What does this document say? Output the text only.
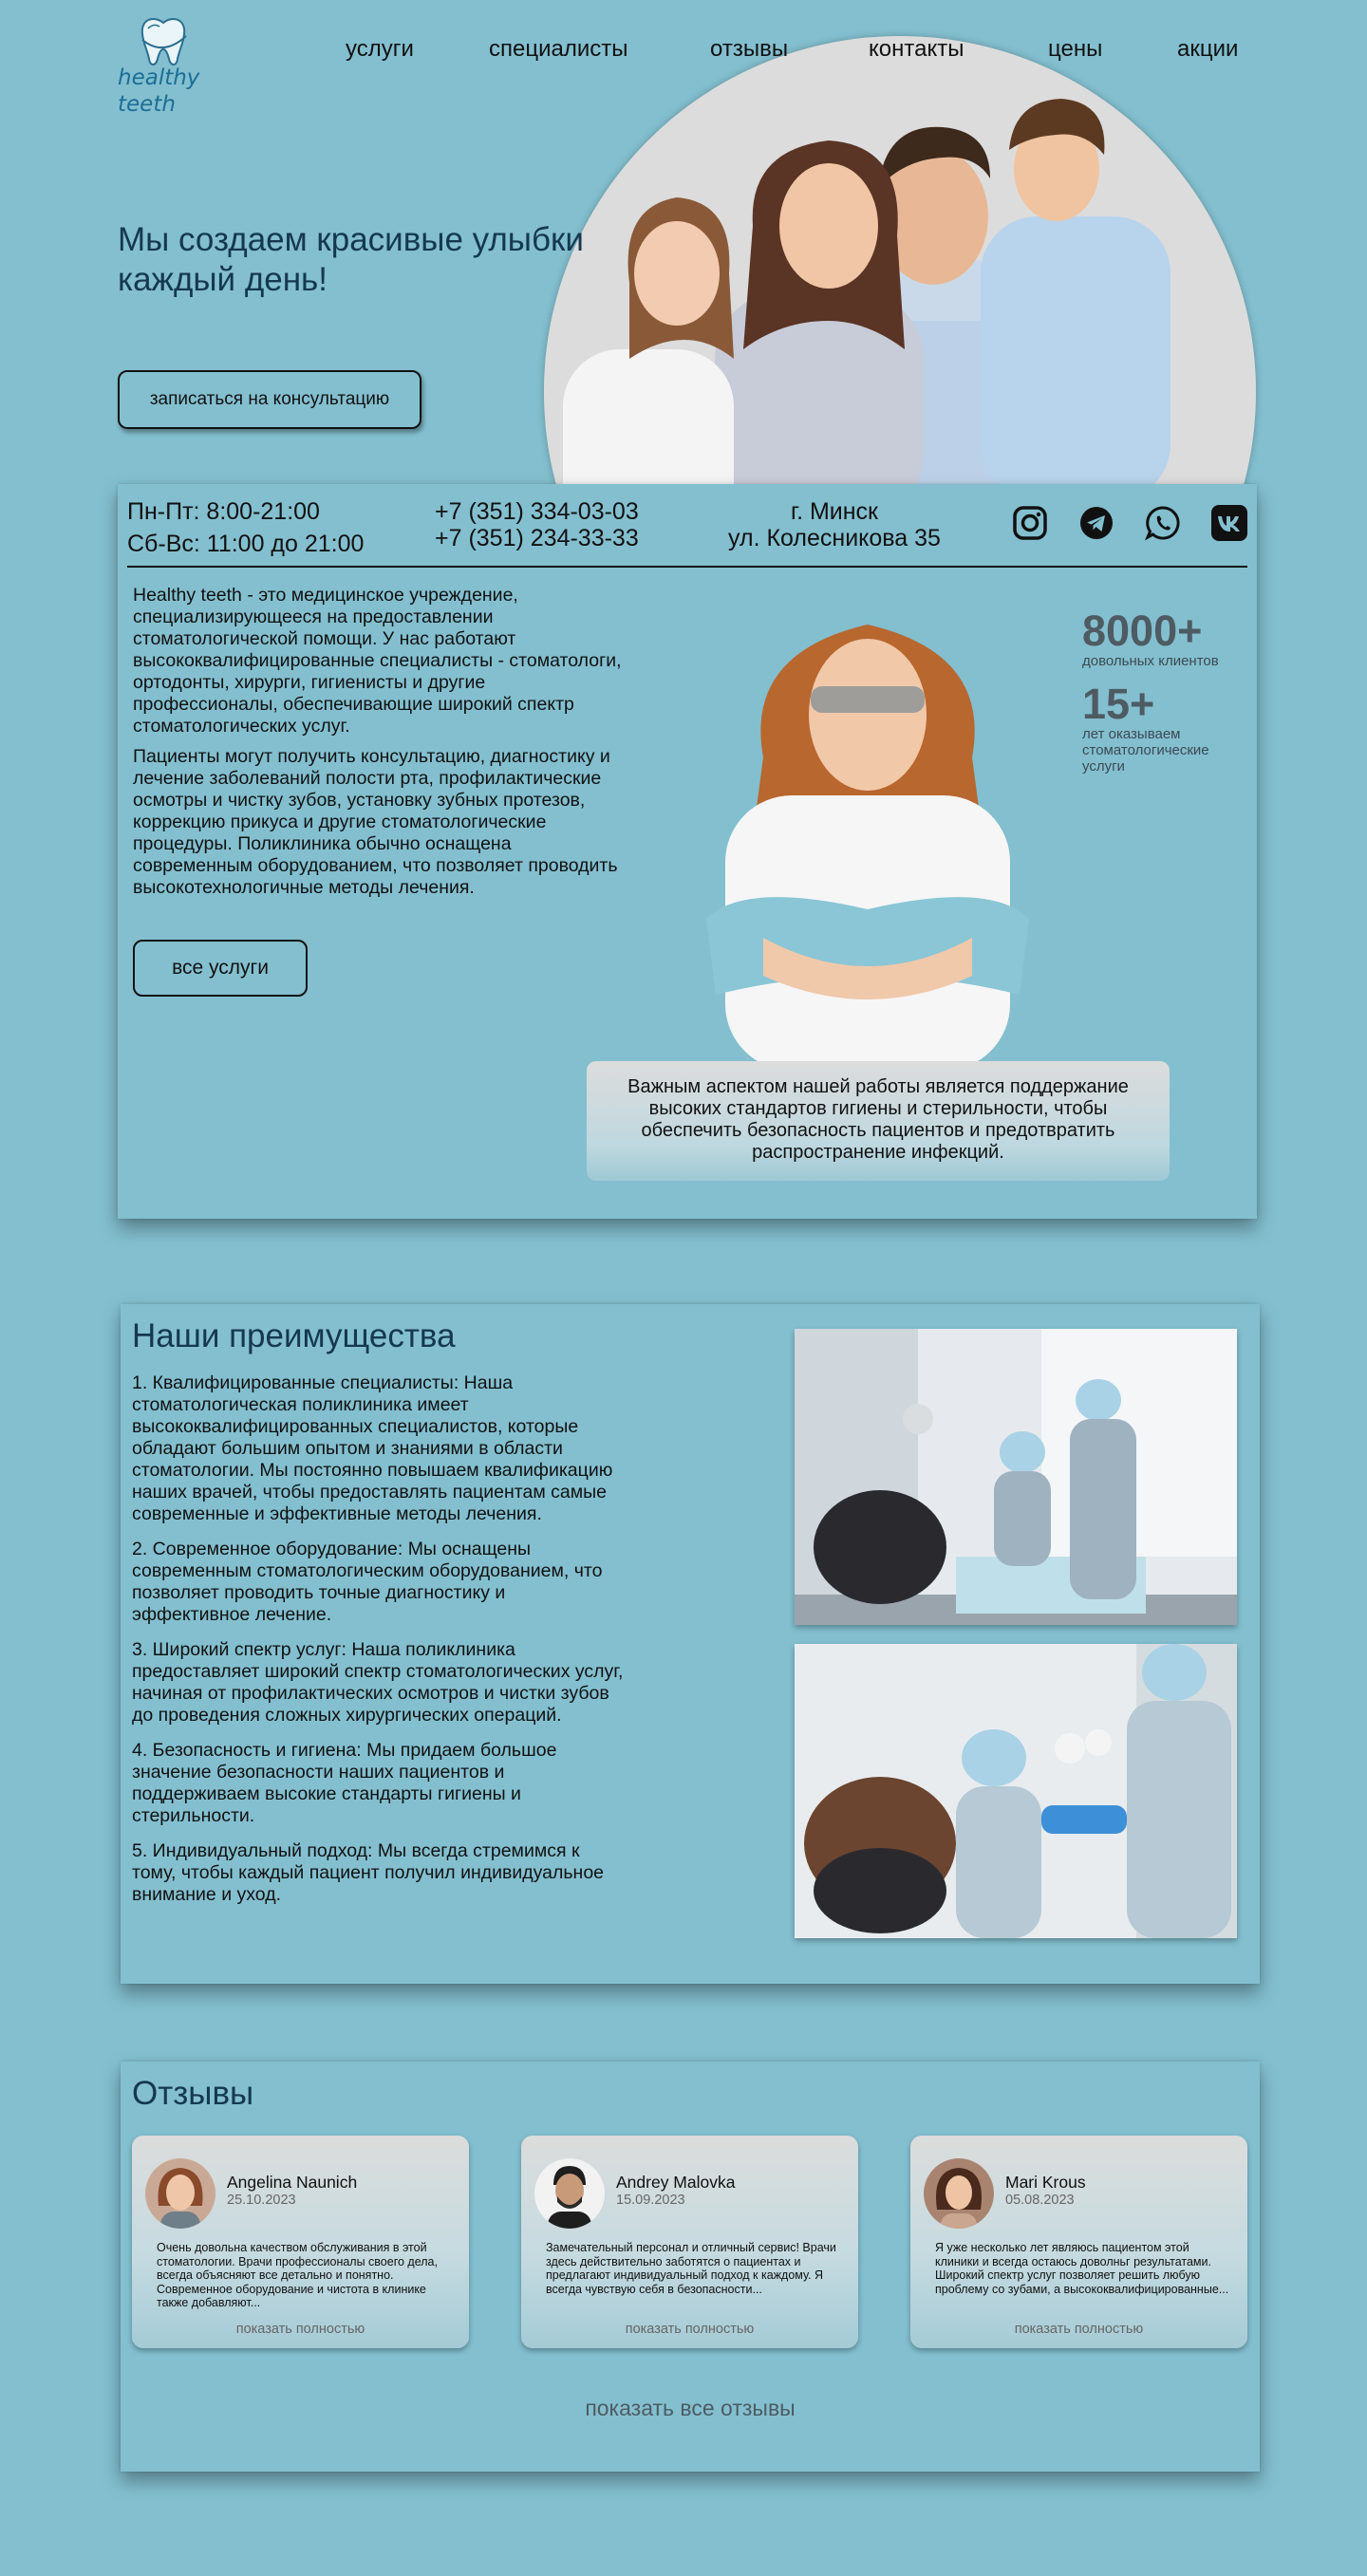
healthy
teeth
услуги	специалисты	отзывы	контакты	цены	акции
Мы создаем красивые улыбки каждый день!
записаться на консультацию
Пн-Пт: 8:00-21:00
Сб-Вс: 11:00 до 21:00
+7 (351) 334-03-03
+7 (351) 234-33-33
г. Минск
ул. Колесникова 35

Healthy teeth - это медицинское учреждение, специализирующееся на предоставлении стоматологической помощи. У нас работают высококвалифицированные специалисты - стоматологи, ортодонты, хирурги, гигиенисты и другие профессионалы, обеспечивающие широкий спектр стоматологических услуг.

Пациенты могут получить консультацию, диагностику и лечение заболеваний полости рта, профилактические осмотры и чистку зубов, установку зубных протезов, коррекцию прикуса и другие стоматологические процедуры. Поликлиника обычно оснащена современным оборудованием, что позволяет проводить высокотехнологичные методы лечения.

все услуги
8000+
довольных клиентов
15+
лет оказываем стоматологические услуги
Важным аспектом нашей работы является поддержание высоких стандартов гигиены и стерильности, чтобы обеспечить безопасность пациентов и предотвратить распространение инфекций.
Наши преимущества

1. Квалифицированные специалисты: Наша стоматологическая поликлиника имеет высококвалифицированных специалистов, которые обладают большим опытом и знаниями в области стоматологии. Мы постоянно повышаем квалификацию наших врачей, чтобы предоставлять пациентам самые современные и эффективные методы лечения.

2. Современное оборудование: Мы оснащены современным стоматологическим оборудованием, что позволяет проводить точные диагностику и эффективное лечение.

3. Широкий спектр услуг: Наша поликлиника предоставляет широкий спектр стоматологических услуг, начиная от профилактических осмотров и чистки зубов до проведения сложных хирургических операций.

4. Безопасность и гигиена: Мы придаем большое значение безопасности наших пациентов и поддерживаем высокие стандарты гигиены и стерильности.

5. Индивидуальный подход: Мы всегда стремимся к тому, чтобы каждый пациент получил индивидуальное внимание и уход.

Отзывы
Angelina Naunich
25.10.2023

Очень довольна качеством обслуживания в этой стоматологии. Врачи профессионалы своего дела, всегда объясняют все детально и понятно. Современное оборудование и чистота в клинике также добавляют...

показать полностью
Andrey Malovka
15.09.2023

Замечательный персонал и отличный сервис! Врачи здесь действительно заботятся о пациентах и предлагают индивидуальный подход к каждому. Я всегда чувствую себя в безопасности...

показать полностью
Mari Krous
05.08.2023

Я уже несколько лет являюсь пациентом этой клиники и всегда остаюсь доволньг результатами. Широкий спектр услуг позволяет решить любую проблему со зубами, а высококвалифицированные...

показать полностью
показать все отзывы
